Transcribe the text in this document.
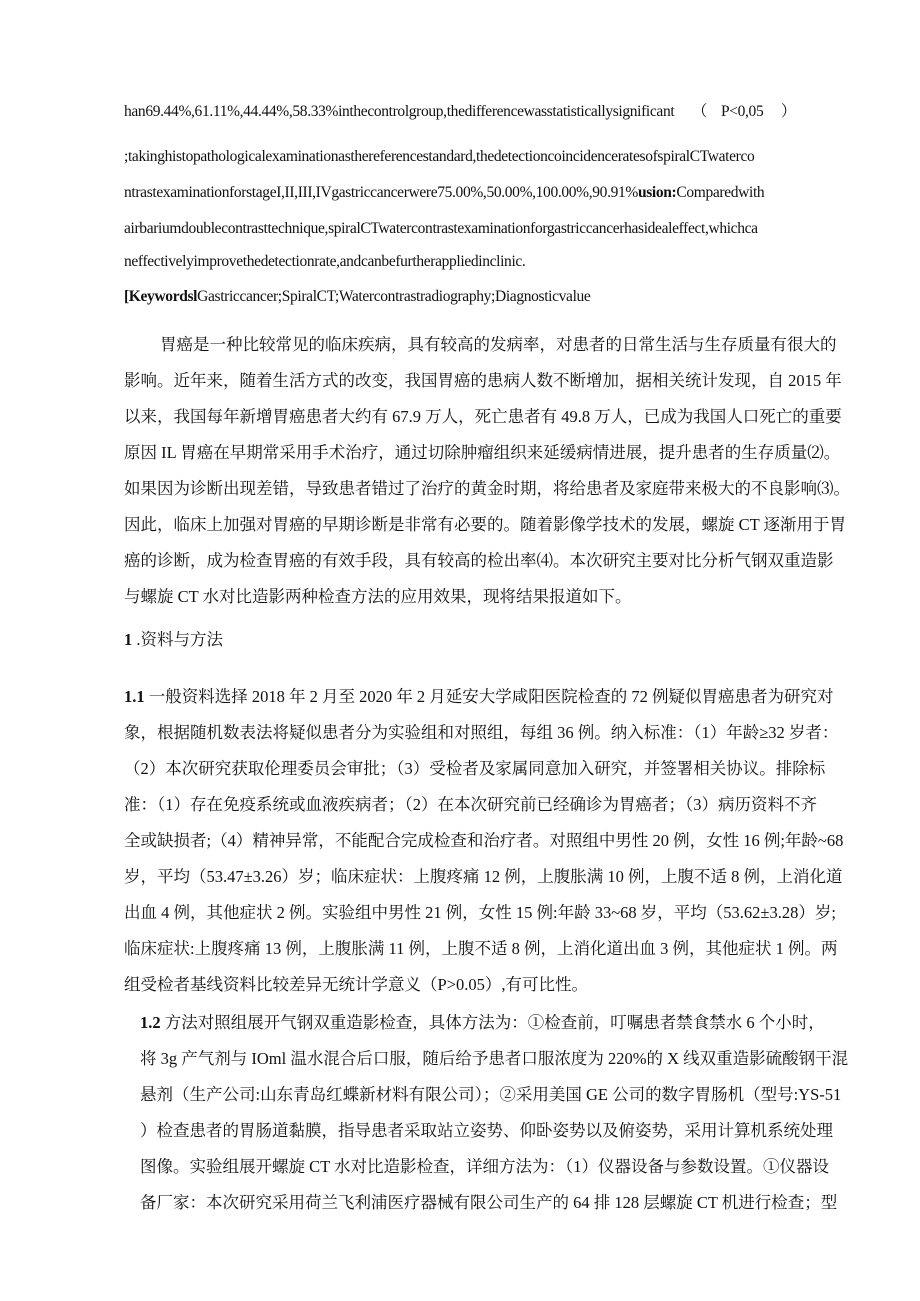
han69.44%,61.11%,44.44%,58.33%inthecontrolgroup,thedifferencewasstatisticallysignificant （P<0,05 ）
;takinghistopathologicalexaminationasthereferencestandard,thedetectioncoincidenceratesofspiralCTwaterco
ntrastexaminationforstageI,II,III,IVgastriccancerwere75.00%,50.00%,100.00%,90.91%usion:Comparedwith
airbariumdoublecontrasttechnique,spiralCTwatercontrastexaminationforgastriccancerhasidealeffect,whichca
neffectivelyimprovethedetectionrate,andcanbefurtherappliedinclinic.
[KeywordslGastriccancer;SpiralCT;Watercontrastradiography;Diagnosticvalue
胃癌是一种比较常见的临床疾病，具有较高的发病率，对患者的日常生活与生存质量有很大的
影响。近年来，随着生活方式的改变，我国胃癌的患病人数不断增加，据相关统计发现，自 2015 年
以来，我国每年新增胃癌患者大约有 67.9 万人，死亡患者有 49.8 万人，已成为我国人口死亡的重要
原因 IL 胃癌在早期常采用手术治疗，通过切除肿瘤组织来延缓病情进展，提升患者的生存质量⑵。
如果因为诊断出现差错，导致患者错过了治疗的黄金时期，将给患者及家庭带来极大的不良影响⑶。
因此，临床上加强对胃癌的早期诊断是非常有必要的。随着影像学技术的发展，螺旋 CT 逐渐用于胃
癌的诊断，成为检查胃癌的有效手段，具有较高的检出率⑷。本次研究主要对比分析气钢双重造影
与螺旋 CT 水对比造影两种检查方法的应用效果，现将结果报道如下。
1 .资料与方法
1.1 一般资料选择 2018 年 2 月至 2020 年 2 月延安大学咸阳医院检查的 72 例疑似胃癌患者为研究对
象，根据随机数表法将疑似患者分为实验组和对照组，每组 36 例。纳入标准：（1）年龄≥32 岁者：
（2）本次研究获取伦理委员会审批；（3）受检者及家属同意加入研究，并签署相关协议。排除标
准：（1）存在免疫系统或血液疾病者；（2）在本次研究前已经确诊为胃癌者；（3）病历资料不齐
全或缺损者;（4）精神异常，不能配合完成检查和治疗者。对照组中男性 20 例，女性 16 例;年龄~68
岁，平均（53.47±3.26）岁；临床症状：上腹疼痛 12 例，上腹胀满 10 例，上腹不适 8 例，上消化道
出血 4 例，其他症状 2 例。实验组中男性 21 例，女性 15 例:年龄 33~68 岁，平均（53.62±3.28）岁;
临床症状:上腹疼痛 13 例，上腹胀满 11 例，上腹不适 8 例，上消化道出血 3 例，其他症状 1 例。两
组受检者基线资料比较差异无统计学意义（P>0.05）,有可比性。
1.2 方法对照组展开气钢双重造影检查，具体方法为：①检查前，叮嘱患者禁食禁水 6 个小时，
将 3g 产气剂与 IOml 温水混合后口服，随后给予患者口服浓度为 220%的 X 线双重造影硫酸钢干混
悬剂（生产公司:山东青岛红蝶新材料有限公司）；②采用美国 GE 公司的数字胃肠机（型号:YS-51
）检查患者的胃肠道黏膜，指导患者采取站立姿势、仰卧姿势以及俯姿势，采用计算机系统处理
图像。实验组展开螺旋 CT 水对比造影检查，详细方法为：（1）仪器设备与参数设置。①仪器设
备厂家：本次研究采用荷兰飞利浦医疗器械有限公司生产的 64 排 128 层螺旋 CT 机进行检查；型
